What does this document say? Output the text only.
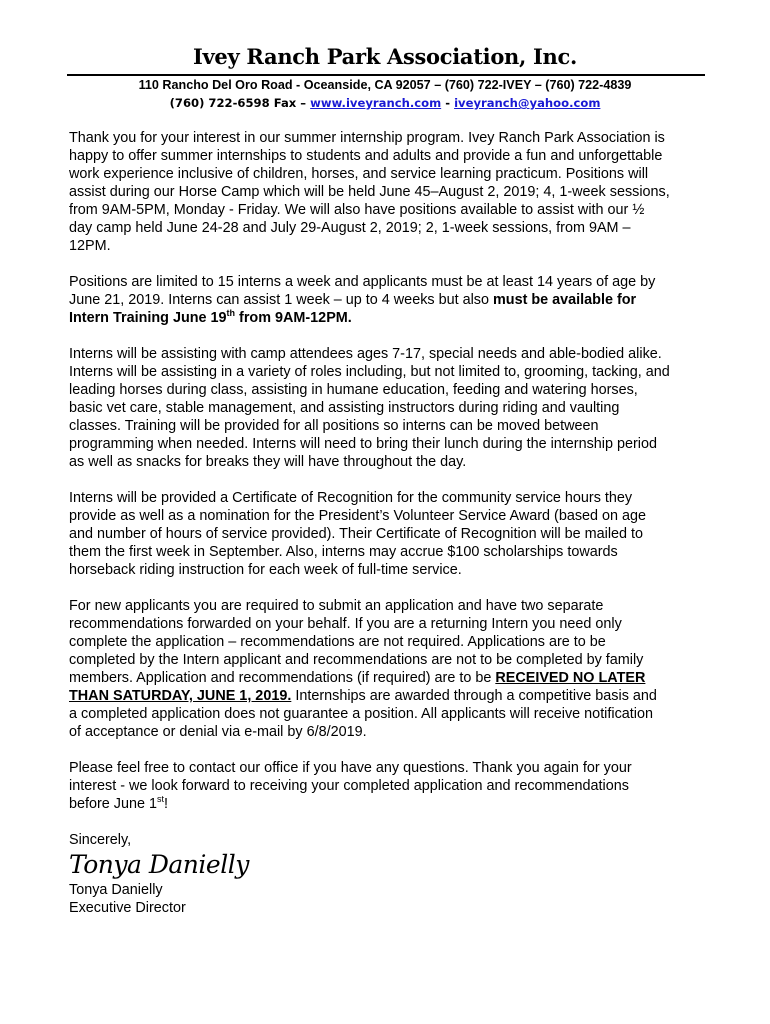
Ivey Ranch Park Association, Inc.
110 Rancho Del Oro Road - Oceanside, CA 92057 – (760) 722-IVEY – (760) 722-4839
(760) 722-6598 Fax – www.iveyranch.com - iveyranch@yahoo.com
Thank you for your interest in our summer internship program. Ivey Ranch Park Association is
happy to offer summer internships to students and adults and provide a fun and unforgettable
work experience inclusive of children, horses, and service learning practicum. Positions will
assist during our Horse Camp which will be held June 45–August 2, 2019; 4, 1-week sessions,
from 9AM-5PM, Monday - Friday. We will also have positions available to assist with our ½
day camp held June 24-28 and July 29-August 2, 2019; 2, 1-week sessions, from 9AM –
12PM.
Positions are limited to 15 interns a week and applicants must be at least 14 years of age by
June 21, 2019. Interns can assist 1 week – up to 4 weeks but also must be available for
Intern Training June 19th from 9AM-12PM.
Interns will be assisting with camp attendees ages 7-17, special needs and able-bodied alike.
Interns will be assisting in a variety of roles including, but not limited to, grooming, tacking, and
leading horses during class, assisting in humane education, feeding and watering horses,
basic vet care, stable management, and assisting instructors during riding and vaulting
classes. Training will be provided for all positions so interns can be moved between
programming when needed. Interns will need to bring their lunch during the internship period
as well as snacks for breaks they will have throughout the day.
Interns will be provided a Certificate of Recognition for the community service hours they
provide as well as a nomination for the President’s Volunteer Service Award (based on age
and number of hours of service provided). Their Certificate of Recognition will be mailed to
them the first week in September. Also, interns may accrue $100 scholarships towards
horseback riding instruction for each week of full-time service.
For new applicants you are required to submit an application and have two separate
recommendations forwarded on your behalf. If you are a returning Intern you need only
complete the application – recommendations are not required. Applications are to be
completed by the Intern applicant and recommendations are not to be completed by family
members. Application and recommendations (if required) are to be RECEIVED NO LATER
THAN SATURDAY, JUNE 1, 2019. Internships are awarded through a competitive basis and
a completed application does not guarantee a position. All applicants will receive notification
of acceptance or denial via e-mail by 6/8/2019.
Please feel free to contact our office if you have any questions. Thank you again for your
interest - we look forward to receiving your completed application and recommendations
before June 1st!
Sincerely,
Tonya Danielly
Tonya Danielly
Executive Director
